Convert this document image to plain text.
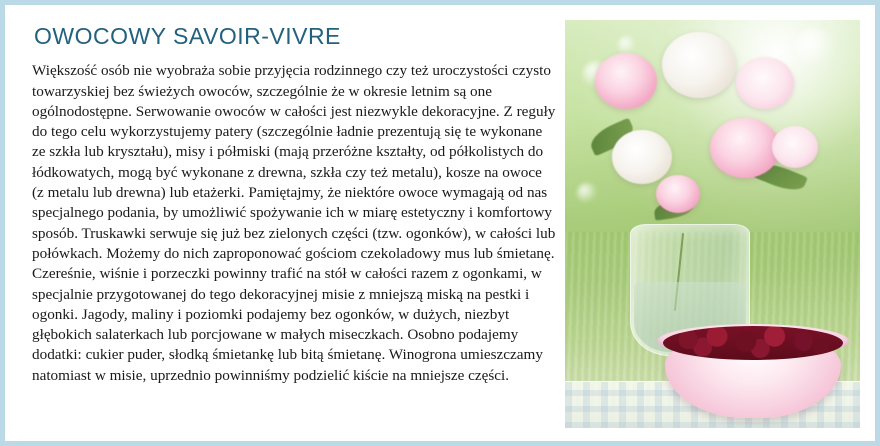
OWOCOWY SAVOIR-VIVRE

Większość osób nie wyobraża sobie przyjęcia rodzinnego czy też uroczystości czysto towarzyskiej bez świeżych owoców, szczególnie że w okresie letnim są one ogólnodostępne. Serwowanie owoców w całości jest niezwykle dekoracyjne. Z reguły do tego celu wykorzystujemy patery (szczególnie ładnie prezentują się te wykonane ze szkła lub kryształu), misy i półmiski (mają przeróżne kształty, od półkolistych do łódkowatych, mogą być wykonane z drewna, szkła czy też metalu), kosze na owoce (z metalu lub drewna) lub etażerki. Pamiętajmy, że niektóre owoce wymagają od nas specjalnego podania, by umożliwić spożywanie ich w miarę estetyczny i komfortowy sposób. Truskawki serwuje się już bez zielonych części (tzw. ogonków), w całości lub połówkach. Możemy do nich zaproponować gościom czekoladowy mus lub śmietanę. Czereśnie, wiśnie i porzeczki powinny trafić na stół w całości razem z ogonkami, w specjalnie przygotowanej do tego dekoracyjnej misie z mniejszą miską na pestki i ogonki. Jagody, maliny i poziomki podajemy bez ogonków, w dużych, niezbyt głębokich salaterkach lub porcjowane w małych miseczkach. Osobno podajemy dodatki: cukier puder, słodką śmietankę lub bitą śmietanę. Winogrona umieszczamy natomiast w misie, uprzednio powinniśmy podzielić kiście na mniejsze części.
